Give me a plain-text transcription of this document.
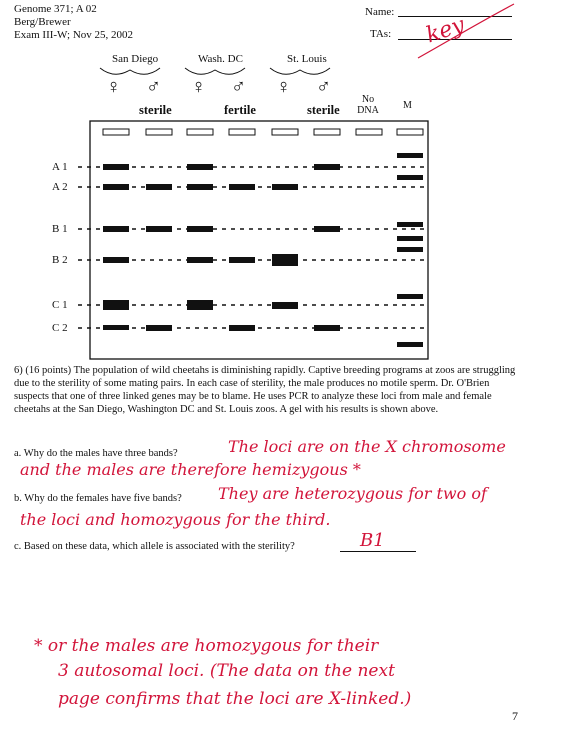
Genome 371; A 02
Berg/Brewer
Exam III-W; Nov 25, 2002
Name:
TAs: key
San Diego	Wash. DC	St. Louis
♀ ♂ ♀ ♂ ♀ ♂
sterile	fertile	sterile
No DNA M
A 1
A 2
B 1
B 2
C 1
C 2
6) (16 points) The population of wild cheetahs is diminishing rapidly. Captive breeding programs at zoos are struggling due to the sterility of some mating pairs. In each case of sterility, the male produces no motile sperm. Dr. O'Brien suspects that one of three linked genes may be to blame. He uses PCR to analyze these loci from male and female cheetahs at the San Diego, Washington DC and St. Louis zoos. A gel with his results is shown above.
a. Why do the males have three bands?	The loci are on the X chromosome
and the males are therefore hemizygous *
b. Why do the females have five bands? They are heterozygous for two of
the loci and homozygous for the third.
c. Based on these data, which allele is associated with the sterility?	B1
* or the males are homozygous for their
3 autosomal loci. (The data on the next
page confirms that the loci are X-linked.)
7
